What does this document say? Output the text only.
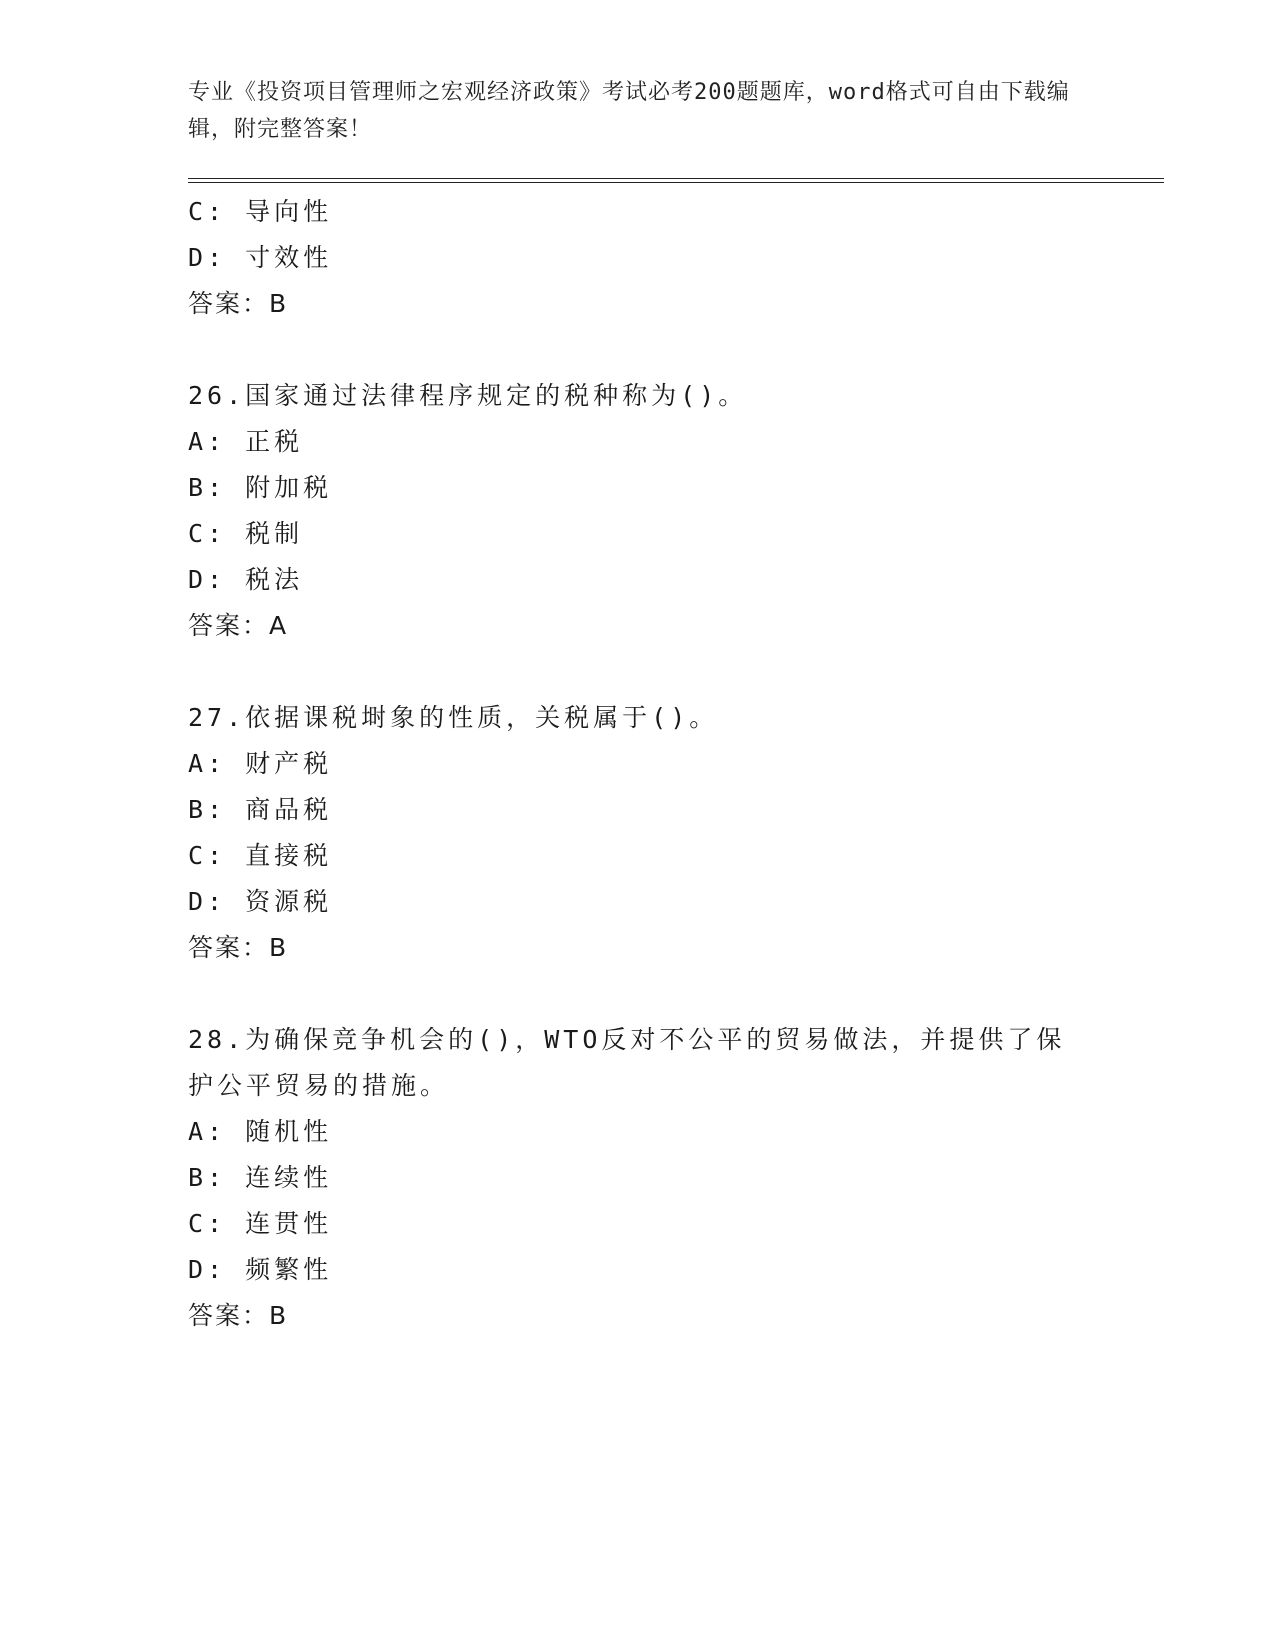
专业《投资项目管理师之宏观经济政策》考试必考200题题库，word格式可自由下载编辑，附完整答案！
C: 导向性
D: 寸效性
答案：B
26.国家通过法律程序规定的税种称为()。
A: 正税
B: 附加税
C: 税制
D: 税法
答案：A
27.依据课税埘象的性质，关税属于()。
A: 财产税
B: 商品税
C: 直接税
D: 资源税
答案：B
28.为确保竞争机会的()，WTO反对不公平的贸易做法，并提供了保护公平贸易的措施。
A: 随机性
B: 连续性
C: 连贯性
D: 频繁性
答案：B
